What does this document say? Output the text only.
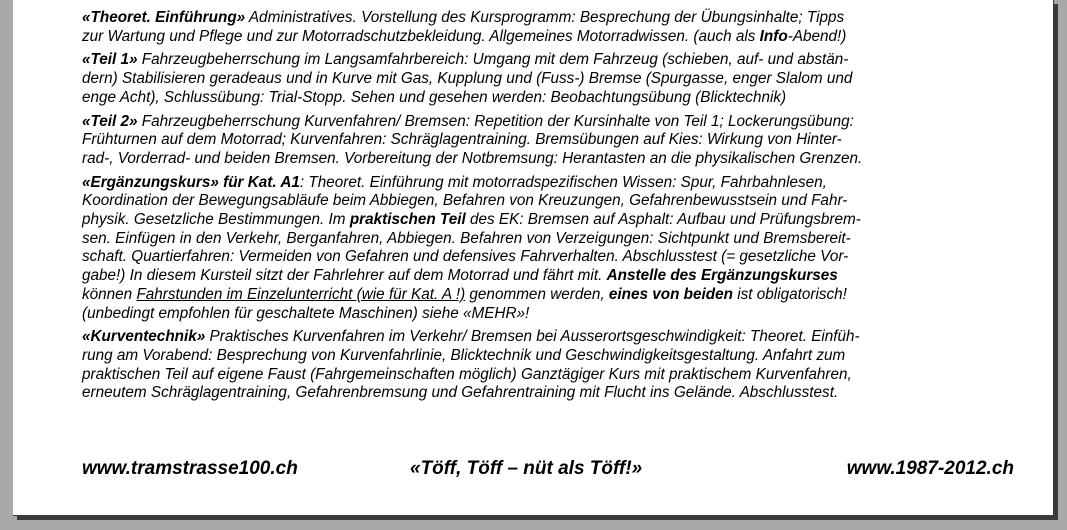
«Theoret. Einführung» Administratives. Vorstellung des Kursprogramm: Besprechung der Übungsinhalte; Tipps
zur Wartung und Pflege und zur Motorradschutzbekleidung. Allgemeines Motorradwissen. (auch als Info-Abend!)
«Teil 1» Fahrzeugbeherrschung im Langsamfahrbereich: Umgang mit dem Fahrzeug (schieben, auf- und abstän-
dern) Stabilisieren geradeaus und in Kurve mit Gas, Kupplung und (Fuss-) Bremse (Spurgasse, enger Slalom und
enge Acht), Schlussübung: Trial-Stopp. Sehen und gesehen werden: Beobachtungsübung (Blicktechnik)
«Teil 2» Fahrzeugbeherrschung Kurvenfahren/ Bremsen: Repetition der Kursinhalte von Teil 1; Lockerungsübung:
Frühturnen auf dem Motorrad; Kurvenfahren: Schräglagentraining. Bremsübungen auf Kies: Wirkung von Hinter-
rad-, Vorderrad- und beiden Bremsen. Vorbereitung der Notbremsung: Herantasten an die physikalischen Grenzen.
«Ergänzungskurs» für Kat. A1: Theoret. Einführung mit motorradspezifischen Wissen: Spur, Fahrbahnlesen,
Koordination der Bewegungsabläufe beim Abbiegen, Befahren von Kreuzungen, Gefahrenbewusstsein und Fahr-
physik. Gesetzliche Bestimmungen. Im praktischen Teil des EK: Bremsen auf Asphalt: Aufbau und Prüfungsbrem-
sen. Einfügen in den Verkehr, Berganfahren, Abbiegen. Befahren von Verzeigungen: Sichtpunkt und Bremsbereit-
schaft. Quartierfahren: Vermeiden von Gefahren und defensives Fahrverhalten. Abschlusstest (= gesetzliche Vor-
gabe!) In diesem Kursteil sitzt der Fahrlehrer auf dem Motorrad und fährt mit. Anstelle des Ergänzungskurses
können Fahrstunden im Einzelunterricht (wie für Kat. A !) genommen werden, eines von beiden ist obligatorisch!
(unbedingt empfohlen für geschaltete Maschinen) siehe «MEHR»!
«Kurventechnik» Praktisches Kurvenfahren im Verkehr/ Bremsen bei Ausserortsgeschwindigkeit: Theoret. Einfüh-
rung am Vorabend: Besprechung von Kurvenfahrlinie, Blicktechnik und Geschwindigkeitsgestaltung. Anfahrt zum
praktischen Teil auf eigene Faust (Fahrgemeinschaften möglich) Ganztägiger Kurs mit praktischem Kurvenfahren,
erneutem Schräglagentraining, Gefahrenbremsung und Gefahrentraining mit Flucht ins Gelände. Abschlusstest.
www.tramstrasse100.ch	«Töff, Töff – nüt als Töff!»	www.1987-2012.ch
